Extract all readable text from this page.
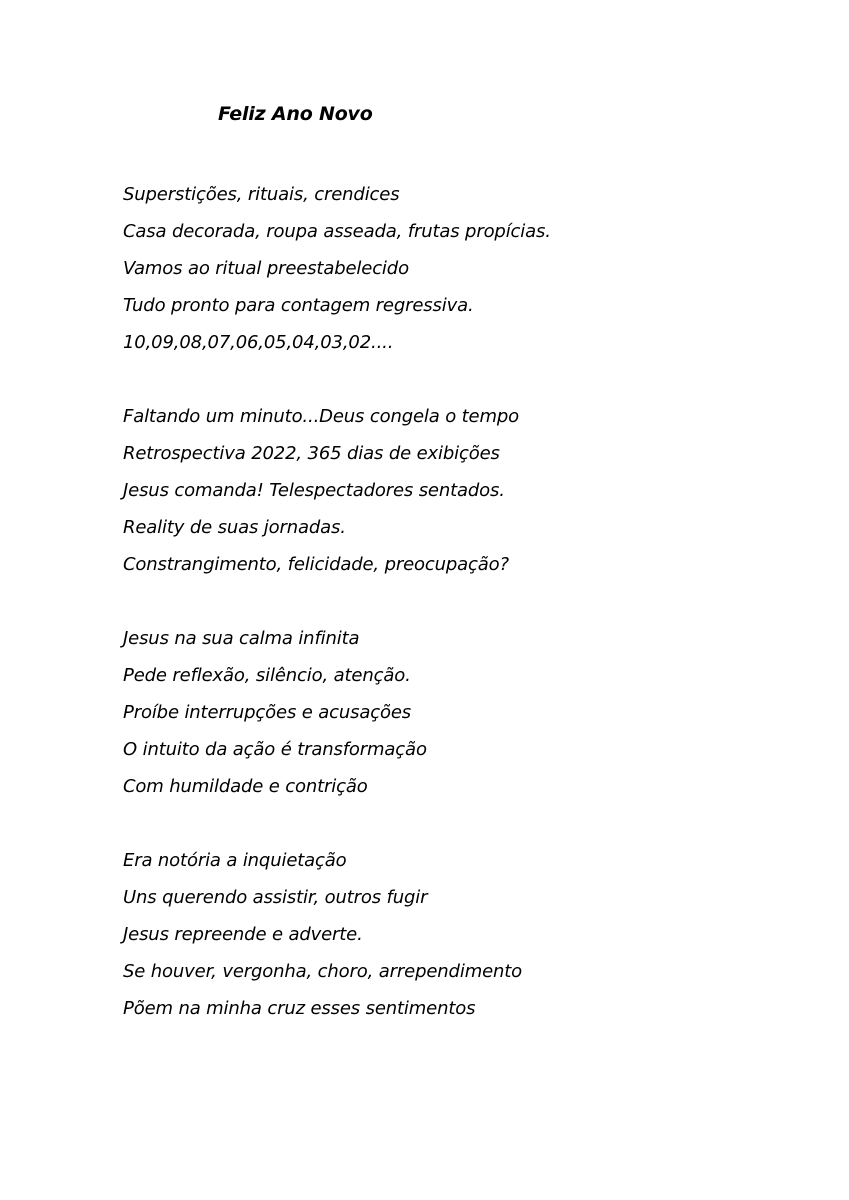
Feliz Ano Novo
Superstições, rituais, crendices
Casa decorada, roupa asseada, frutas propícias.
Vamos ao ritual preestabelecido
Tudo pronto para contagem regressiva.
10,09,08,07,06,05,04,03,02....
Faltando um minuto...Deus congela o tempo
Retrospectiva 2022, 365 dias de exibições
Jesus comanda! Telespectadores sentados.
Reality de suas jornadas.
Constrangimento, felicidade, preocupação?
Jesus na sua calma infinita
Pede reflexão, silêncio, atenção.
Proíbe interrupções e acusações
O intuito da ação é transformação
Com humildade e contrição
Era notória a inquietação
Uns querendo assistir, outros fugir
Jesus repreende e adverte.
Se houver, vergonha, choro, arrependimento
Põem na minha cruz esses sentimentos
